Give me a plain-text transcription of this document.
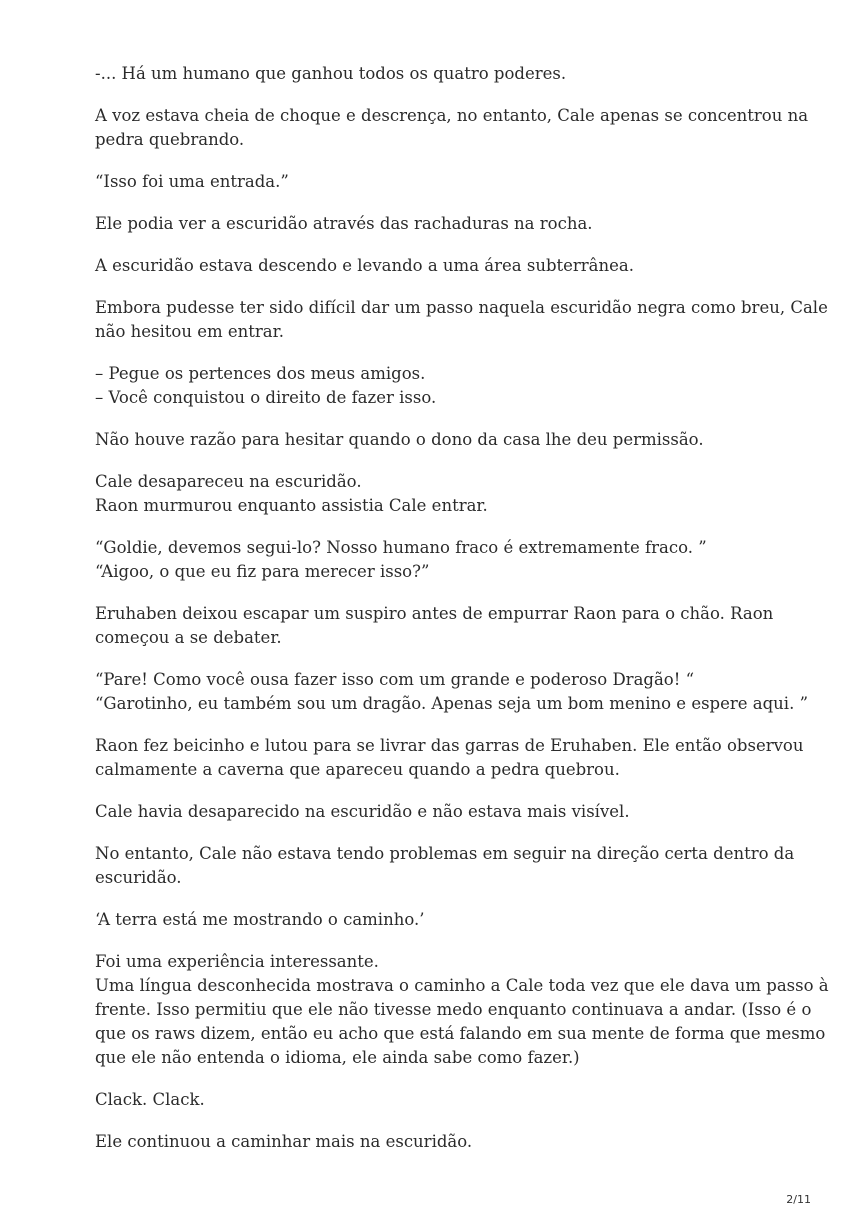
-... Há um humano que ganhou todos os quatro poderes.

A voz estava cheia de choque e descrença, no entanto, Cale apenas se concentrou na
pedra quebrando.

“Isso foi uma entrada.”

Ele podia ver a escuridão através das rachaduras na rocha.

A escuridão estava descendo e levando a uma área subterrânea.

Embora pudesse ter sido difícil dar um passo naquela escuridão negra como breu, Cale
não hesitou em entrar.

– Pegue os pertences dos meus amigos.
– Você conquistou o direito de fazer isso.

Não houve razão para hesitar quando o dono da casa lhe deu permissão.

Cale desapareceu na escuridão.
Raon murmurou enquanto assistia Cale entrar.

“Goldie, devemos segui-lo? Nosso humano fraco é extremamente fraco. ”
“Aigoo, o que eu fiz para merecer isso?”

Eruhaben deixou escapar um suspiro antes de empurrar Raon para o chão. Raon
começou a se debater.

“Pare! Como você ousa fazer isso com um grande e poderoso Dragão! “
“Garotinho, eu também sou um dragão. Apenas seja um bom menino e espere aqui. ”

Raon fez beicinho e lutou para se livrar das garras de Eruhaben. Ele então observou
calmamente a caverna que apareceu quando a pedra quebrou.

Cale havia desaparecido na escuridão e não estava mais visível.

No entanto, Cale não estava tendo problemas em seguir na direção certa dentro da
escuridão.

‘A terra está me mostrando o caminho.’

Foi uma experiência interessante.
Uma língua desconhecida mostrava o caminho a Cale toda vez que ele dava um passo à
frente. Isso permitiu que ele não tivesse medo enquanto continuava a andar. (Isso é o
que os raws dizem, então eu acho que está falando em sua mente de forma que mesmo
que ele não entenda o idioma, ele ainda sabe como fazer.)

Clack. Clack.

Ele continuou a caminhar mais na escuridão.

2/11
